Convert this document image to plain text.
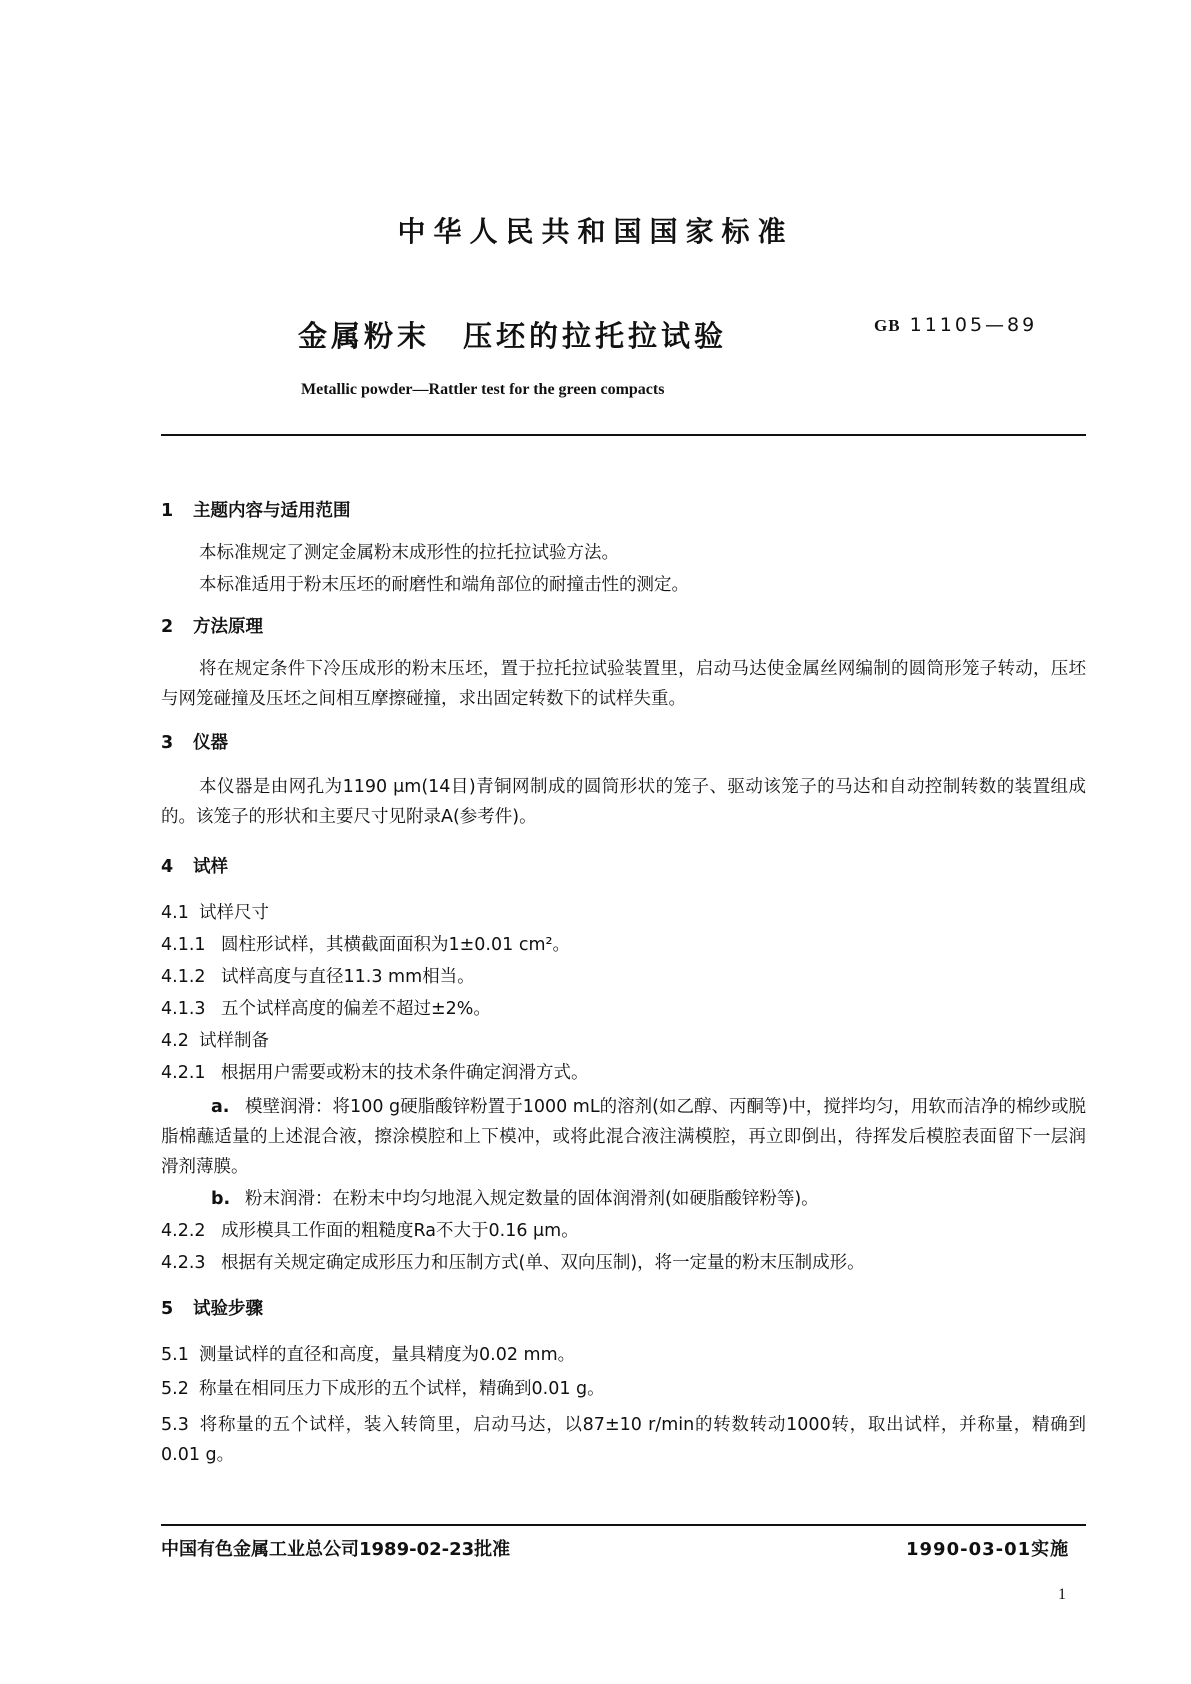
中华人民共和国国家标准
金属粉末　压坯的拉托拉试验	GB 11105—89
Metallic powder—Rattler test for the green compacts

1 主题内容与适用范围

本标准规定了测定金属粉末成形性的拉托拉试验方法。

本标准适用于粉末压坯的耐磨性和端角部位的耐撞击性的测定。

2 方法原理

将在规定条件下冷压成形的粉末压坯，置于拉托拉试验装置里，启动马达使金属丝网编制的圆筒形笼子转动，压坯与网笼碰撞及压坯之间相互摩擦碰撞，求出固定转数下的试样失重。

3 仪器

本仪器是由网孔为1190 μm(14目)青铜网制成的圆筒形状的笼子、驱动该笼子的马达和自动控制转数的装置组成的。该笼子的形状和主要尺寸见附录A(参考件)。

4 试样

4.1 试样尺寸

4.1.1 圆柱形试样，其横截面面积为1±0.01 cm²。

4.1.2 试样高度与直径11.3 mm相当。

4.1.3 五个试样高度的偏差不超过±2%。

4.2 试样制备

4.2.1 根据用户需要或粉末的技术条件确定润滑方式。

a. 模壁润滑：将100 g硬脂酸锌粉置于1000 mL的溶剂(如乙醇、丙酮等)中，搅拌均匀，用软而洁净的棉纱或脱脂棉蘸适量的上述混合液，擦涂模腔和上下模冲，或将此混合液注满模腔，再立即倒出，待挥发后模腔表面留下一层润滑剂薄膜。

b. 粉末润滑：在粉末中均匀地混入规定数量的固体润滑剂(如硬脂酸锌粉等)。

4.2.2 成形模具工作面的粗糙度Ra不大于0.16 μm。

4.2.3 根据有关规定确定成形压力和压制方式(单、双向压制)，将一定量的粉末压制成形。

5 试验步骤

5.1 测量试样的直径和高度，量具精度为0.02 mm。

5.2 称量在相同压力下成形的五个试样，精确到0.01 g。

5.3 将称量的五个试样，装入转筒里，启动马达，以87±10 r/min的转数转动1000转，取出试样，并称量，精确到0.01 g。

中国有色金属工业总公司1989-02-23批准	1990-03-01实施
1
